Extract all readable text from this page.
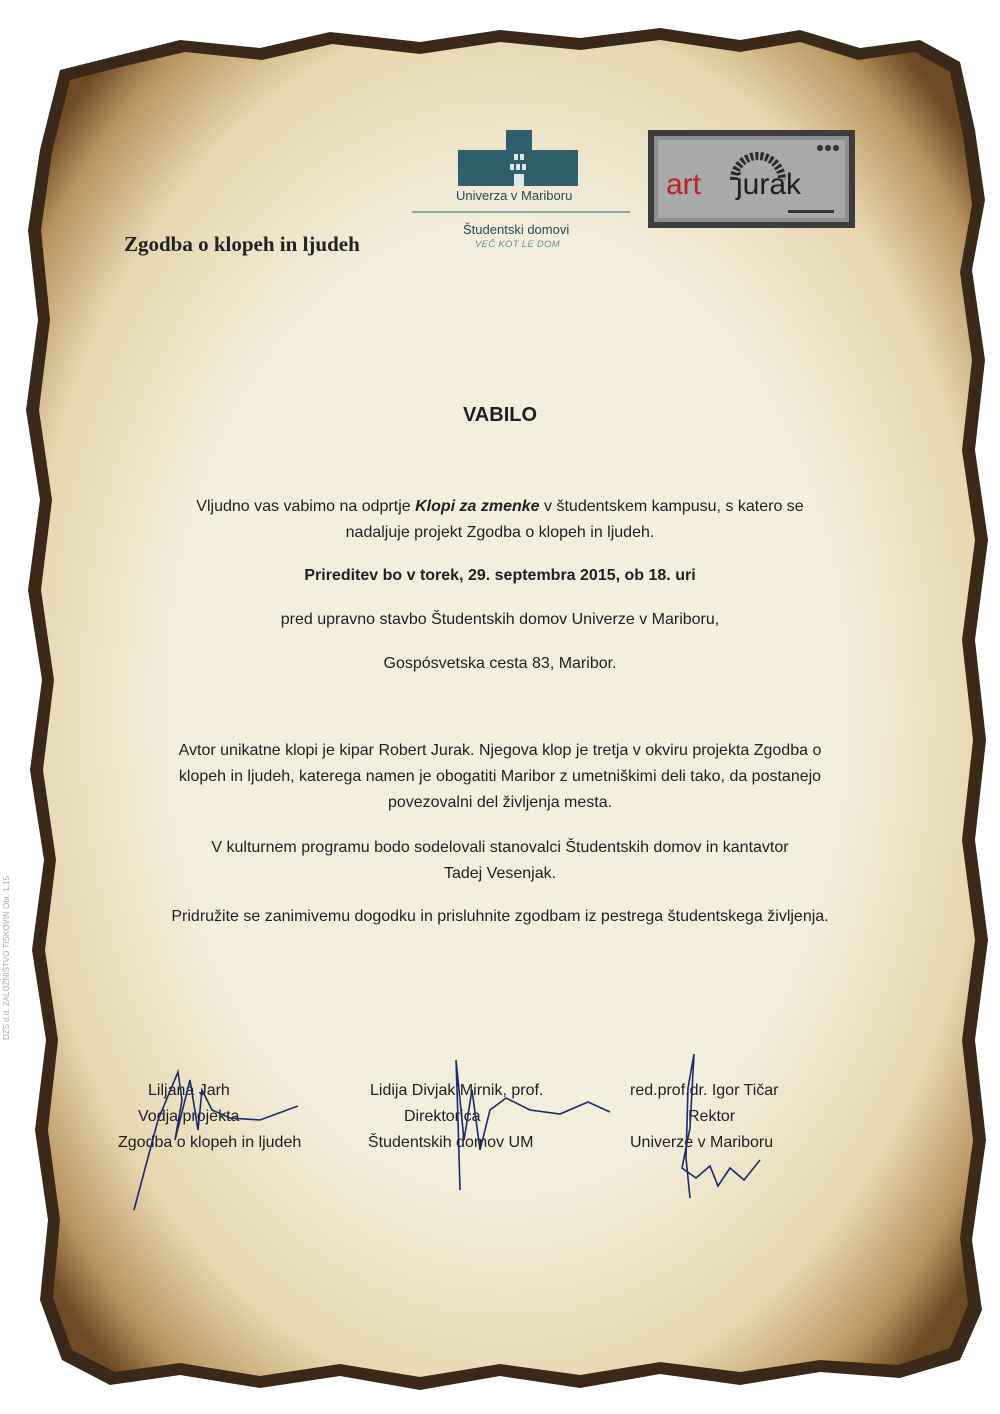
Zgodba o klopeh in ljudeh
Univerza v Mariboru
Študentski domovi
VEČ KOT LE DOM
art jurak
VABILO
Vljudno vas vabimo na odprtje Klopi za zmenke v študentskem kampusu, s katero se
nadaljuje projekt Zgodba o klopeh in ljudeh.
Prireditev bo v torek, 29. septembra 2015, ob 18. uri
pred upravno stavbo Študentskih domov Univerze v Mariboru,
Gospósvetska cesta 83, Maribor.
Avtor unikatne klopi je kipar Robert Jurak. Njegova klop je tretja v okviru projekta Zgodba o
klopeh in ljudeh, katerega namen je obogatiti Maribor z umetniškimi deli tako, da postanejo
povezovalni del življenja mesta.
V kulturnem programu bodo sodelovali stanovalci Študentskih domov in kantavtor
Tadej Vesenjak.
Pridružite se zanimivemu dogodku in prisluhnite zgodbam iz pestrega študentskega življenja.
DZS d.d. ZALOŽNIŠTVO TISKOVIN Obr. 1,15
Liljana Jarh
Vodja projekta
Zgodba o klopeh in ljudeh
Lidija Divjak Mirnik, prof.
Direktorica
Študentskih domov UM
red.prof.dr. Igor Tičar
Rektor
Univerze v Mariboru
